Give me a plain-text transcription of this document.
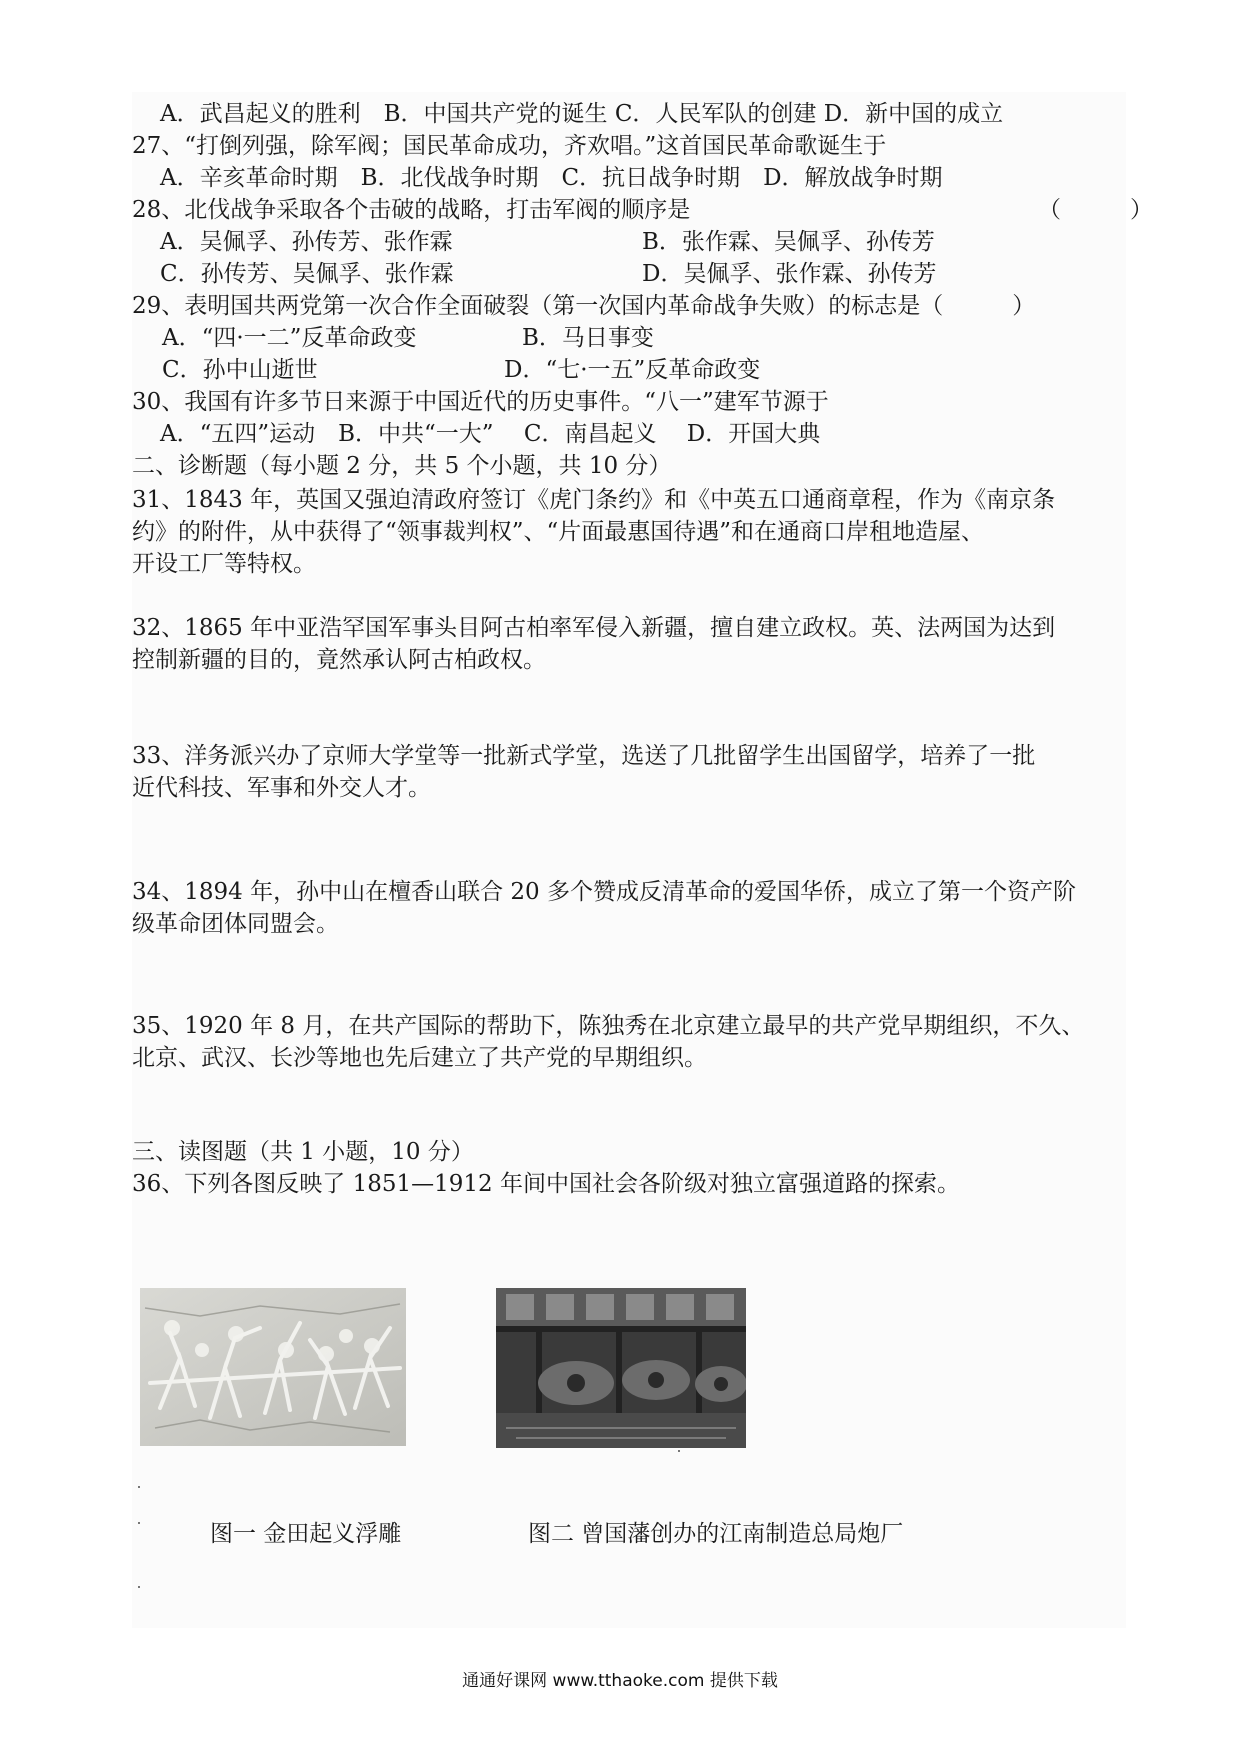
A．武昌起义的胜利　B．中国共产党的诞生 C．人民军队的创建 D．新中国的成立
27、“打倒列强，除军阀；国民革命成功，齐欢唱。”这首国民革命歌诞生于
A．辛亥革命时期　B．北伐战争时期　C．抗日战争时期　D．解放战争时期
28、北伐战争采取各个击破的战略，打击军阀的顺序是	（　　　）
A．吴佩孚、孙传芳、张作霖	B．张作霖、吴佩孚、孙传芳
C．孙传芳、吴佩孚、张作霖	D．吴佩孚、张作霖、孙传芳
29、表明国共两党第一次合作全面破裂（第一次国内革命战争失败）的标志是（　　　）
A．“四·一二”反革命政变	B．马日事变
C．孙中山逝世	D．“七·一五”反革命政变
30、我国有许多节日来源于中国近代的历史事件。“八一”建军节源于
A．“五四”运动　B．中共“一大”　 C．南昌起义　 D．开国大典
二、诊断题（每小题 2 分，共 5 个小题，共 10 分）
31、1843 年，英国又强迫清政府签订《虎门条约》和《中英五口通商章程，作为《南京条
约》的附件，从中获得了“领事裁判权”、“片面最惠国待遇”和在通商口岸租地造屋、
开设工厂等特权。
32、1865 年中亚浩罕国军事头目阿古柏率军侵入新疆，擅自建立政权。英、法两国为达到
控制新疆的目的，竟然承认阿古柏政权。
33、洋务派兴办了京师大学堂等一批新式学堂，选送了几批留学生出国留学，培养了一批
近代科技、军事和外交人才。
34、1894 年，孙中山在檀香山联合 20 多个赞成反清革命的爱国华侨，成立了第一个资产阶
级革命团体同盟会。
35、1920 年 8 月，在共产国际的帮助下，陈独秀在北京建立最早的共产党早期组织，不久、
北京、武汉、长沙等地也先后建立了共产党的早期组织。
三、读图题（共 1 小题，10 分）
36、下列各图反映了 1851—1912 年间中国社会各阶级对独立富强道路的探索。
图一 金田起义浮雕	图二 曾国藩创办的江南制造总局炮厂
通通好课网 www.tthaoke.com 提供下载
